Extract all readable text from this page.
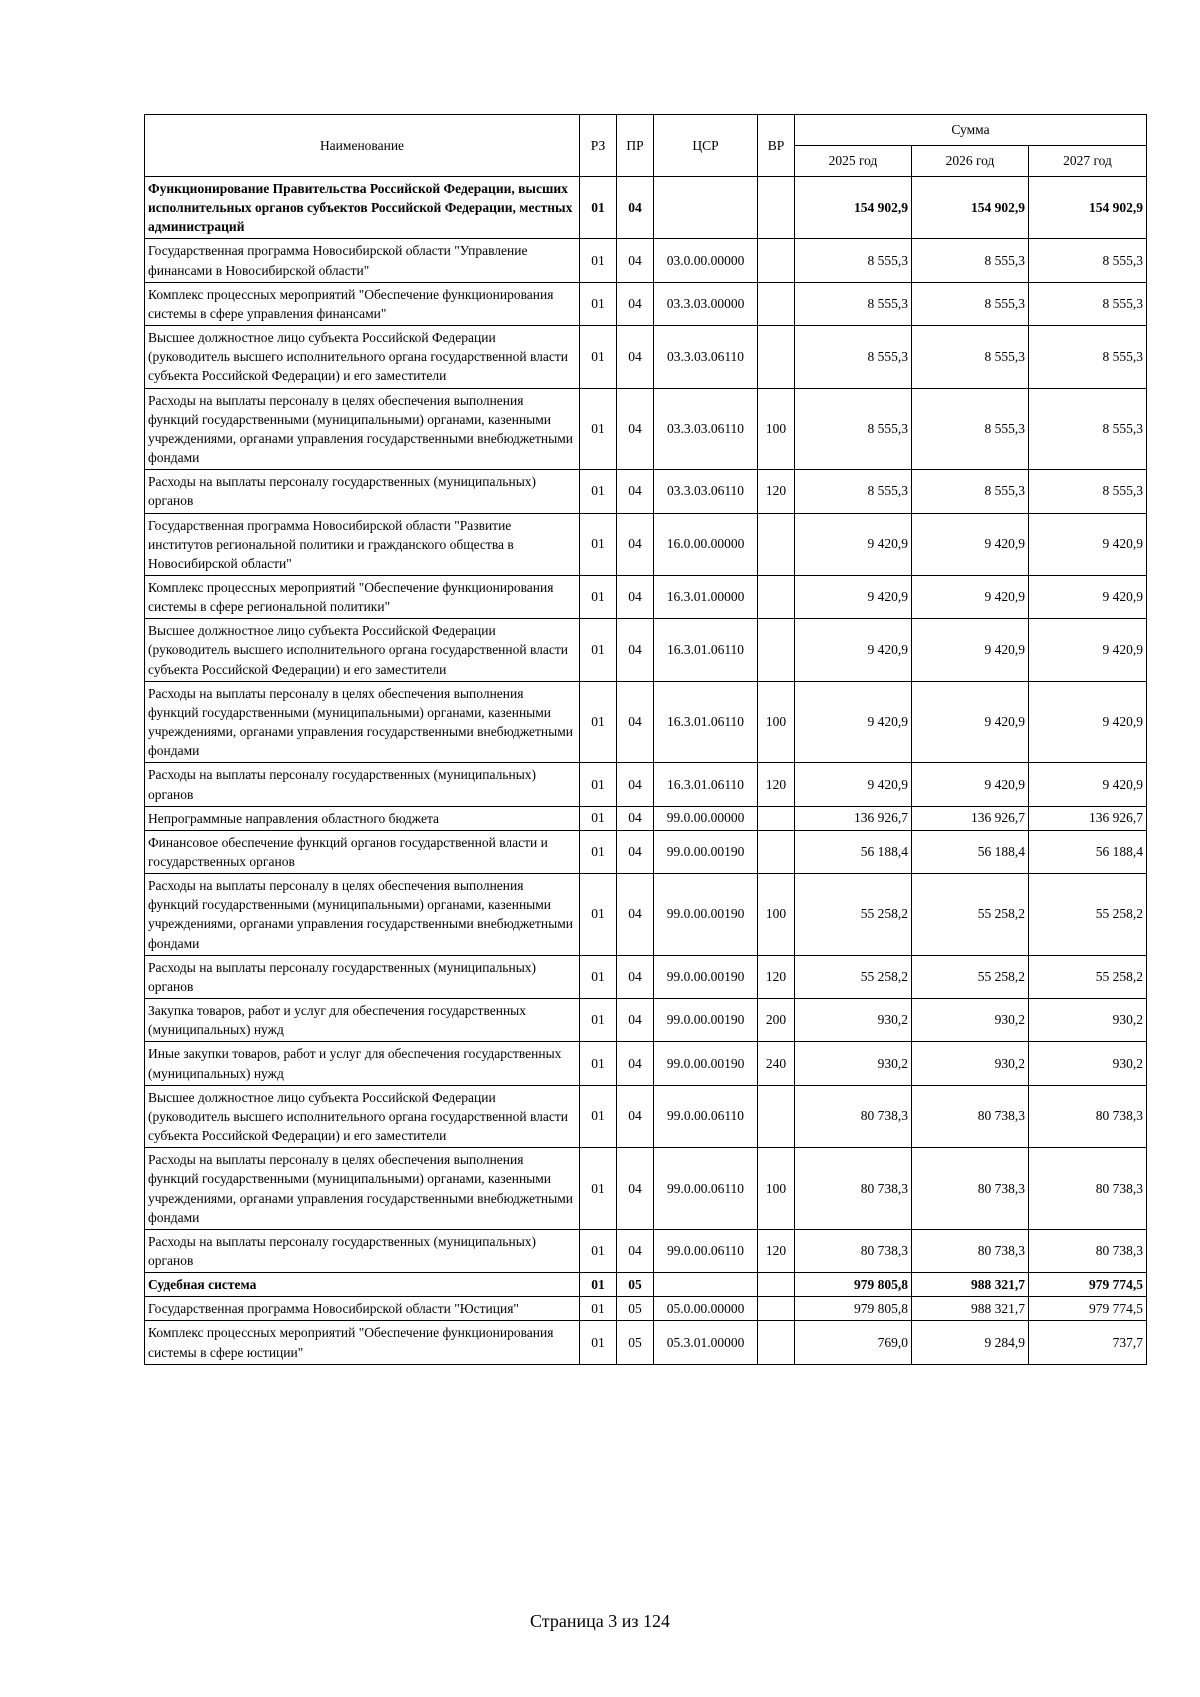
Наименование	РЗ	ПР	ЦСР	ВР	Сумма		
					2025 год	2026 год	2027 год
Функционирование Правительства Российской Федерации, высших исполнительных органов субъектов Российской Федерации, местных администраций	01	04			154 902,9	154 902,9	154 902,9
Государственная программа Новосибирской области "Управление финансами в Новосибирской области"	01	04	03.0.00.00000		8 555,3	8 555,3	8 555,3
Комплекс процессных мероприятий "Обеспечение функционирования системы в сфере управления финансами"	01	04	03.3.03.00000		8 555,3	8 555,3	8 555,3
Высшее должностное лицо субъекта Российской Федерации (руководитель высшего исполнительного органа государственной власти субъекта Российской Федерации) и его заместители	01	04	03.3.03.06110		8 555,3	8 555,3	8 555,3
Расходы на выплаты персоналу в целях обеспечения выполнения функций государственными (муниципальными) органами, казенными учреждениями, органами управления государственными внебюджетными фондами	01	04	03.3.03.06110	100	8 555,3	8 555,3	8 555,3
Расходы на выплаты персоналу государственных (муниципальных) органов	01	04	03.3.03.06110	120	8 555,3	8 555,3	8 555,3
Государственная программа Новосибирской области "Развитие институтов региональной политики и гражданского общества в Новосибирской области"	01	04	16.0.00.00000		9 420,9	9 420,9	9 420,9
Комплекс процессных мероприятий "Обеспечение функционирования системы в сфере региональной политики"	01	04	16.3.01.00000		9 420,9	9 420,9	9 420,9
Высшее должностное лицо субъекта Российской Федерации (руководитель высшего исполнительного органа государственной власти субъекта Российской Федерации) и его заместители	01	04	16.3.01.06110		9 420,9	9 420,9	9 420,9
Расходы на выплаты персоналу в целях обеспечения выполнения функций государственными (муниципальными) органами, казенными учреждениями, органами управления государственными внебюджетными фондами	01	04	16.3.01.06110	100	9 420,9	9 420,9	9 420,9
Расходы на выплаты персоналу государственных (муниципальных) органов	01	04	16.3.01.06110	120	9 420,9	9 420,9	9 420,9
Непрограммные направления областного бюджета	01	04	99.0.00.00000		136 926,7	136 926,7	136 926,7
Финансовое обеспечение функций органов государственной власти и государственных органов	01	04	99.0.00.00190		56 188,4	56 188,4	56 188,4
Расходы на выплаты персоналу в целях обеспечения выполнения функций государственными (муниципальными) органами, казенными учреждениями, органами управления государственными внебюджетными фондами	01	04	99.0.00.00190	100	55 258,2	55 258,2	55 258,2
Расходы на выплаты персоналу государственных (муниципальных) органов	01	04	99.0.00.00190	120	55 258,2	55 258,2	55 258,2
Закупка товаров, работ и услуг для обеспечения государственных (муниципальных) нужд	01	04	99.0.00.00190	200	930,2	930,2	930,2
Иные закупки товаров, работ и услуг для обеспечения государственных (муниципальных) нужд	01	04	99.0.00.00190	240	930,2	930,2	930,2
Высшее должностное лицо субъекта Российской Федерации (руководитель высшего исполнительного органа государственной власти субъекта Российской Федерации) и его заместители	01	04	99.0.00.06110		80 738,3	80 738,3	80 738,3
Расходы на выплаты персоналу в целях обеспечения выполнения функций государственными (муниципальными) органами, казенными учреждениями, органами управления государственными внебюджетными фондами	01	04	99.0.00.06110	100	80 738,3	80 738,3	80 738,3
Расходы на выплаты персоналу государственных (муниципальных) органов	01	04	99.0.00.06110	120	80 738,3	80 738,3	80 738,3
Судебная система	01	05			979 805,8	988 321,7	979 774,5
Государственная программа Новосибирской области "Юстиция"	01	05	05.0.00.00000		979 805,8	988 321,7	979 774,5
Комплекс процессных мероприятий "Обеспечение функционирования системы в сфере юстиции"	01	05	05.3.01.00000		769,0	9 284,9	737,7
Страница 3 из 124
